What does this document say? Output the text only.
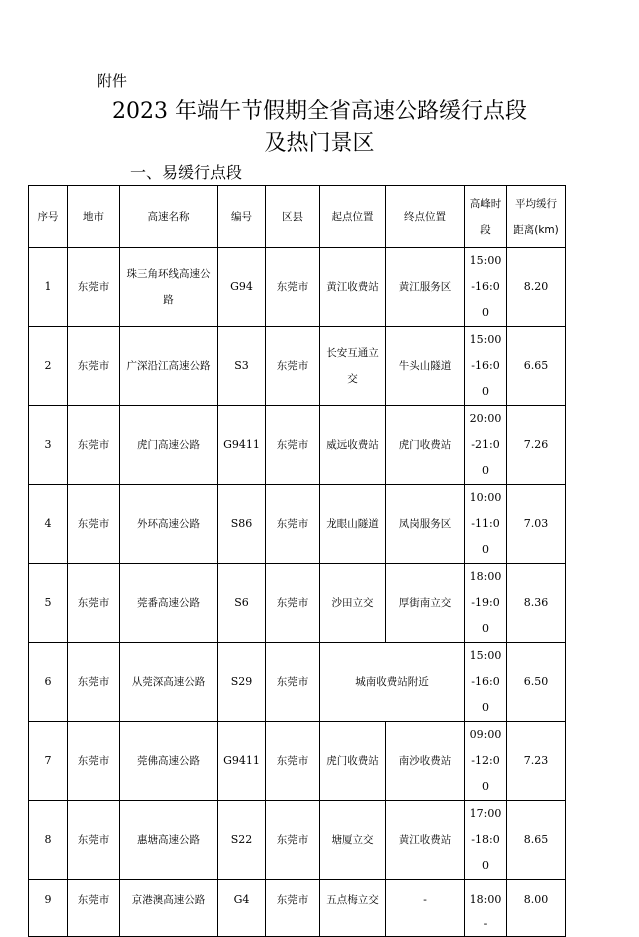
附件
2023 年端午节假期全省高速公路缓行点段
及热门景区
一、易缓行点段
序号	地市	高速名称	编号	区县	起点位置	终点位置	高峰时段	平均缓行距离(km)

1	东莞市	珠三角环线高速公路	G94	东莞市	黄江收费站	黄江服务区	15:00-16:00	8.20

2	东莞市	广深沿江高速公路	S3	东莞市	长安互通立交	牛头山隧道	15:00-16:00	6.65

3	东莞市	虎门高速公路	G9411	东莞市	威远收费站	虎门收费站	20:00-21:00	7.26

4	东莞市	外环高速公路	S86	东莞市	龙眼山隧道	凤岗服务区	10:00-11:00	7.03

5	东莞市	莞番高速公路	S6	东莞市	沙田立交	厚街南立交	18:00-19:00	8.36

6	东莞市	从莞深高速公路	S29	东莞市	城南收费站附近		15:00-16:00	6.50

7	东莞市	莞佛高速公路	G9411	东莞市	虎门收费站	南沙收费站	09:00-12:00	7.23

8	东莞市	惠塘高速公路	S22	东莞市	塘厦立交	黄江收费站	17:00-18:00	8.65

9	东莞市	京港澳高速公路	G4	东莞市	五点梅立交	-	18:00-	8.00
